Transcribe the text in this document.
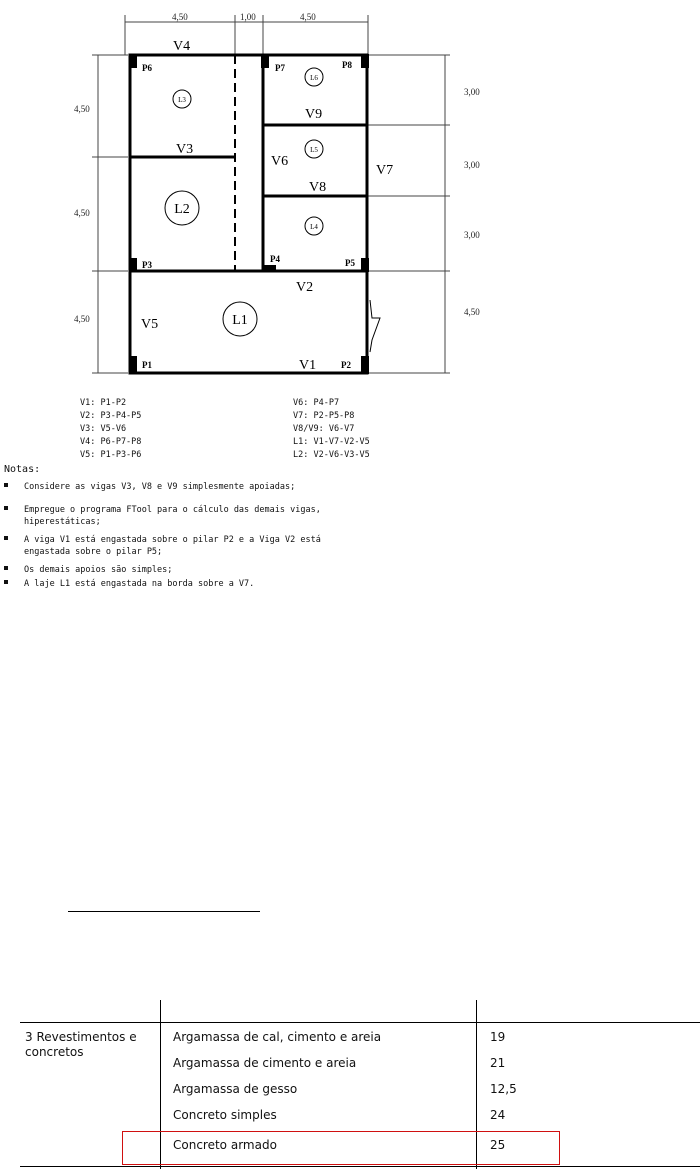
4,50	1,00	4,50
4,50
4,50
4,50
3,00
3,00
3,00
4,50
V4
V3
V9
V6
V8
V7
V2
V5
V1
P6	P7	P8
P3
P4	P5
P1	P2
L3
L6
L5
L4
L2
L1
V1: P1-P2
V2: P3-P4-P5
V3: V5-V6
V4: P6-P7-P8
V5: P1-P3-P6
V6: P4-P7
V7: P2-P5-P8
V8/V9: V6-V7
L1: V1-V7-V2-V5
L2: V2-V6-V3-V5
Notas:
Considere as vigas V3, V8 e V9 simplesmente apoiadas;
Empregue o programa FTool para o cálculo das demais vigas,
hiperestáticas;
A viga V1 está engastada sobre o pilar P2 e a Viga V2 está
engastada sobre o pilar P5;
Os demais apoios são simples;
A laje L1 está engastada na borda sobre a V7.
3 Revestimentos e
concretos
Argamassa de cal, cimento e areia	19
Argamassa de cimento e areia	21
Argamassa de gesso	12,5
Concreto simples	24
Concreto armado	25
